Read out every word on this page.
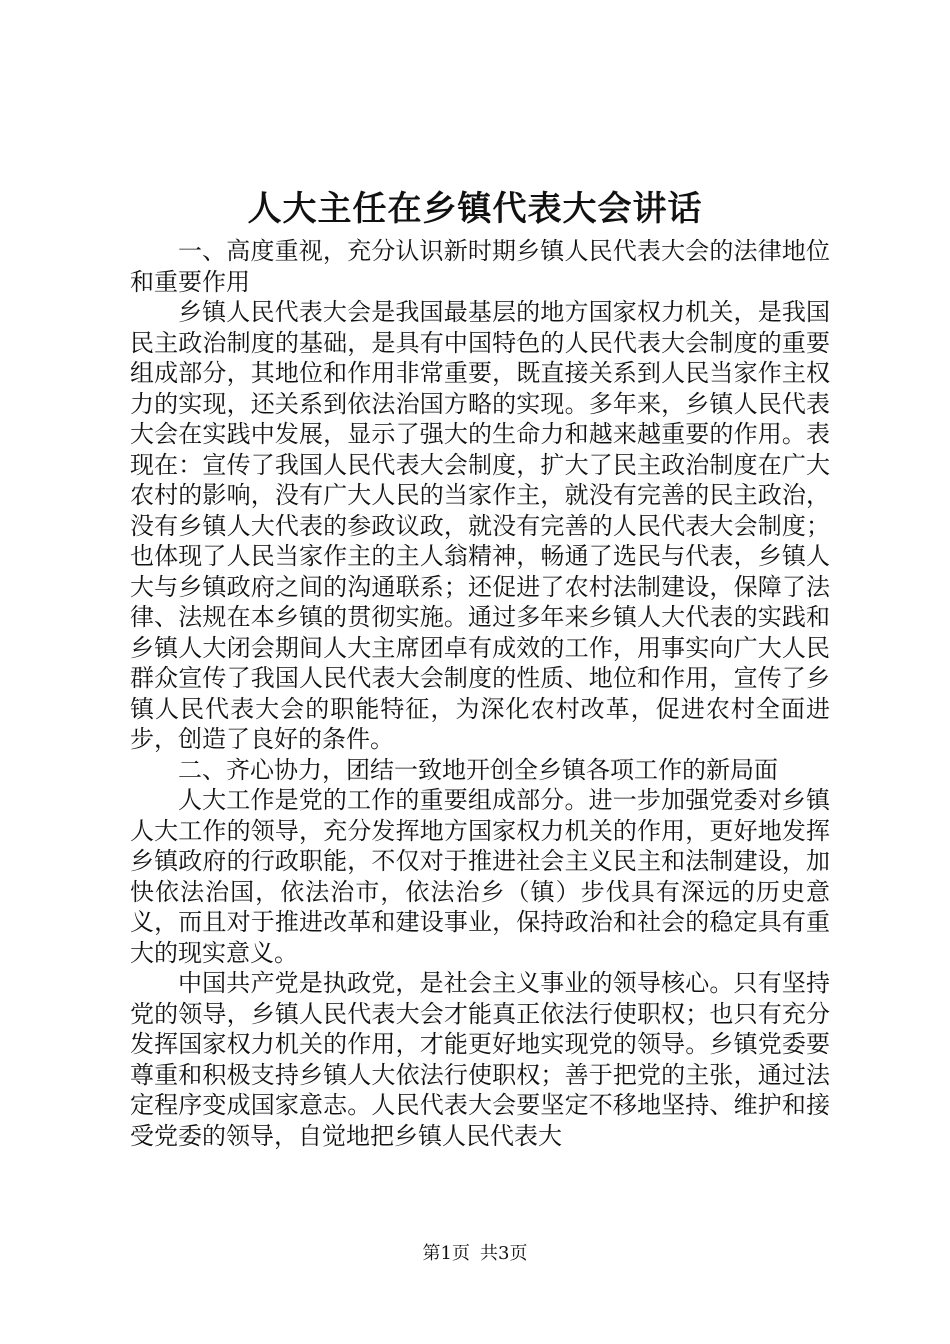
人大主任在乡镇代表大会讲话

一、高度重视，充分认识新时期乡镇人民代表大会的法律地位和重要作用

乡镇人民代表大会是我国最基层的地方国家权力机关，是我国民主政治制度的基础，是具有中国特色的人民代表大会制度的重要组成部分，其地位和作用非常重要，既直接关系到人民当家作主权力的实现，还关系到依法治国方略的实现。多年来，乡镇人民代表大会在实践中发展，显示了强大的生命力和越来越重要的作用。表现在：宣传了我国人民代表大会制度，扩大了民主政治制度在广大农村的影响，没有广大人民的当家作主，就没有完善的民主政治，没有乡镇人大代表的参政议政，就没有完善的人民代表大会制度；也体现了人民当家作主的主人翁精神，畅通了选民与代表，乡镇人大与乡镇政府之间的沟通联系；还促进了农村法制建设，保障了法律、法规在本乡镇的贯彻实施。通过多年来乡镇人大代表的实践和乡镇人大闭会期间人大主席团卓有成效的工作，用事实向广大人民群众宣传了我国人民代表大会制度的性质、地位和作用，宣传了乡镇人民代表大会的职能特征，为深化农村改革，促进农村全面进步，创造了良好的条件。

二、齐心协力，团结一致地开创全乡镇各项工作的新局面

人大工作是党的工作的重要组成部分。进一步加强党委对乡镇人大工作的领导，充分发挥地方国家权力机关的作用，更好地发挥乡镇政府的行政职能，不仅对于推进社会主义民主和法制建设，加快依法治国，依法治市，依法治乡（镇）步伐具有深远的历史意义，而且对于推进改革和建设事业，保持政治和社会的稳定具有重大的现实意义。

中国共产党是执政党，是社会主义事业的领导核心。只有坚持党的领导，乡镇人民代表大会才能真正依法行使职权；也只有充分发挥国家权力机关的作用，才能更好地实现党的领导。乡镇党委要尊重和积极支持乡镇人大依法行使职权；善于把党的主张，通过法定程序变成国家意志。人民代表大会要坚定不移地坚持、维护和接受党委的领导，自觉地把乡镇人民代表大

第1页 共3页
